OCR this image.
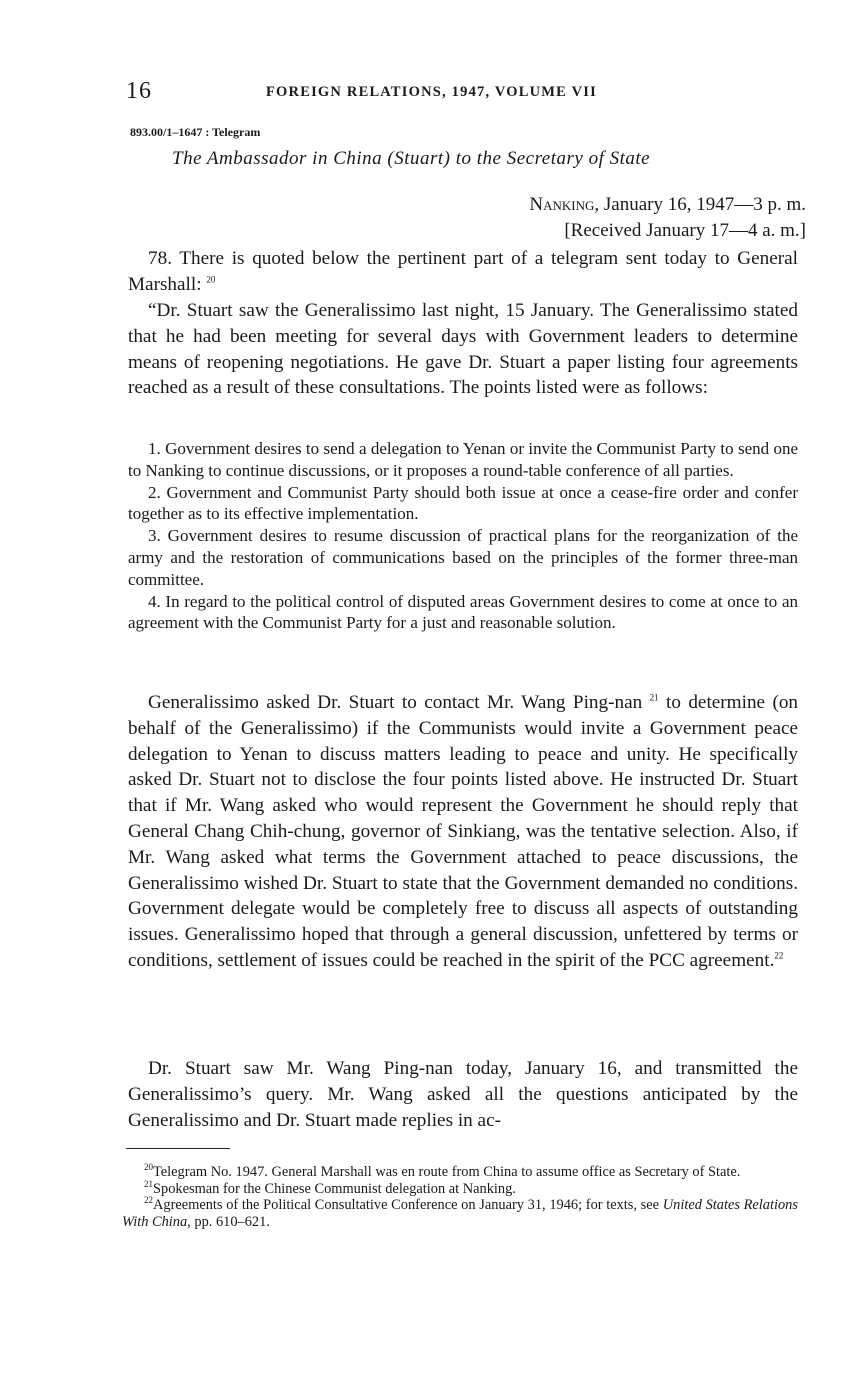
16	FOREIGN RELATIONS, 1947, VOLUME VII
893.00/1–1647 : Telegram
The Ambassador in China (Stuart) to the Secretary of State
Nanking, January 16, 1947—3 p. m.
[Received January 17—4 a. m.]

78. There is quoted below the pertinent part of a telegram sent today to General Marshall: $^{20}$

“Dr. Stuart saw the Generalissimo last night, 15 January. The Generalissimo stated that he had been meeting for several days with Government leaders to determine means of reopening negotiations. He gave Dr. Stuart a paper listing four agreements reached as a result of these consultations. The points listed were as follows:

1. Government desires to send a delegation to Yenan or invite the Communist Party to send one to Nanking to continue discussions, or it proposes a round-table conference of all parties.

2. Government and Communist Party should both issue at once a cease-fire order and confer together as to its effective implementation.

3. Government desires to resume discussion of practical plans for the reorganization of the army and the restoration of communications based on the principles of the former three-man committee.

4. In regard to the political control of disputed areas Government desires to come at once to an agreement with the Communist Party for a just and reasonable solution.

Generalissimo asked Dr. Stuart to contact Mr. Wang Ping-nan $^{21}$ to determine (on behalf of the Generalissimo) if the Communists would invite a Government peace delegation to Yenan to discuss matters leading to peace and unity. He specifically asked Dr. Stuart not to disclose the four points listed above. He instructed Dr. Stuart that if Mr. Wang asked who would represent the Government he should reply that General Chang Chih-chung, governor of Sinkiang, was the tentative selection. Also, if Mr. Wang asked what terms the Government attached to peace discussions, the Generalissimo wished Dr. Stuart to state that the Government demanded no conditions. Government delegate would be completely free to discuss all aspects of outstanding issues. Generalissimo hoped that through a general discussion, unfettered by terms or conditions, settlement of issues could be reached in the spirit of the PCC agreement.$^{22}$

Dr. Stuart saw Mr. Wang Ping-nan today, January 16, and transmitted the Generalissimo’s query. Mr. Wang asked all the questions anticipated by the Generalissimo and Dr. Stuart made replies in ac-

$^{20}$Telegram No. 1947. General Marshall was en route from China to assume office as Secretary of State.

$^{21}$Spokesman for the Chinese Communist delegation at Nanking.

$^{22}$Agreements of the Political Consultative Conference on January 31, 1946; for texts, see United States Relations With China, pp. 610–621.
